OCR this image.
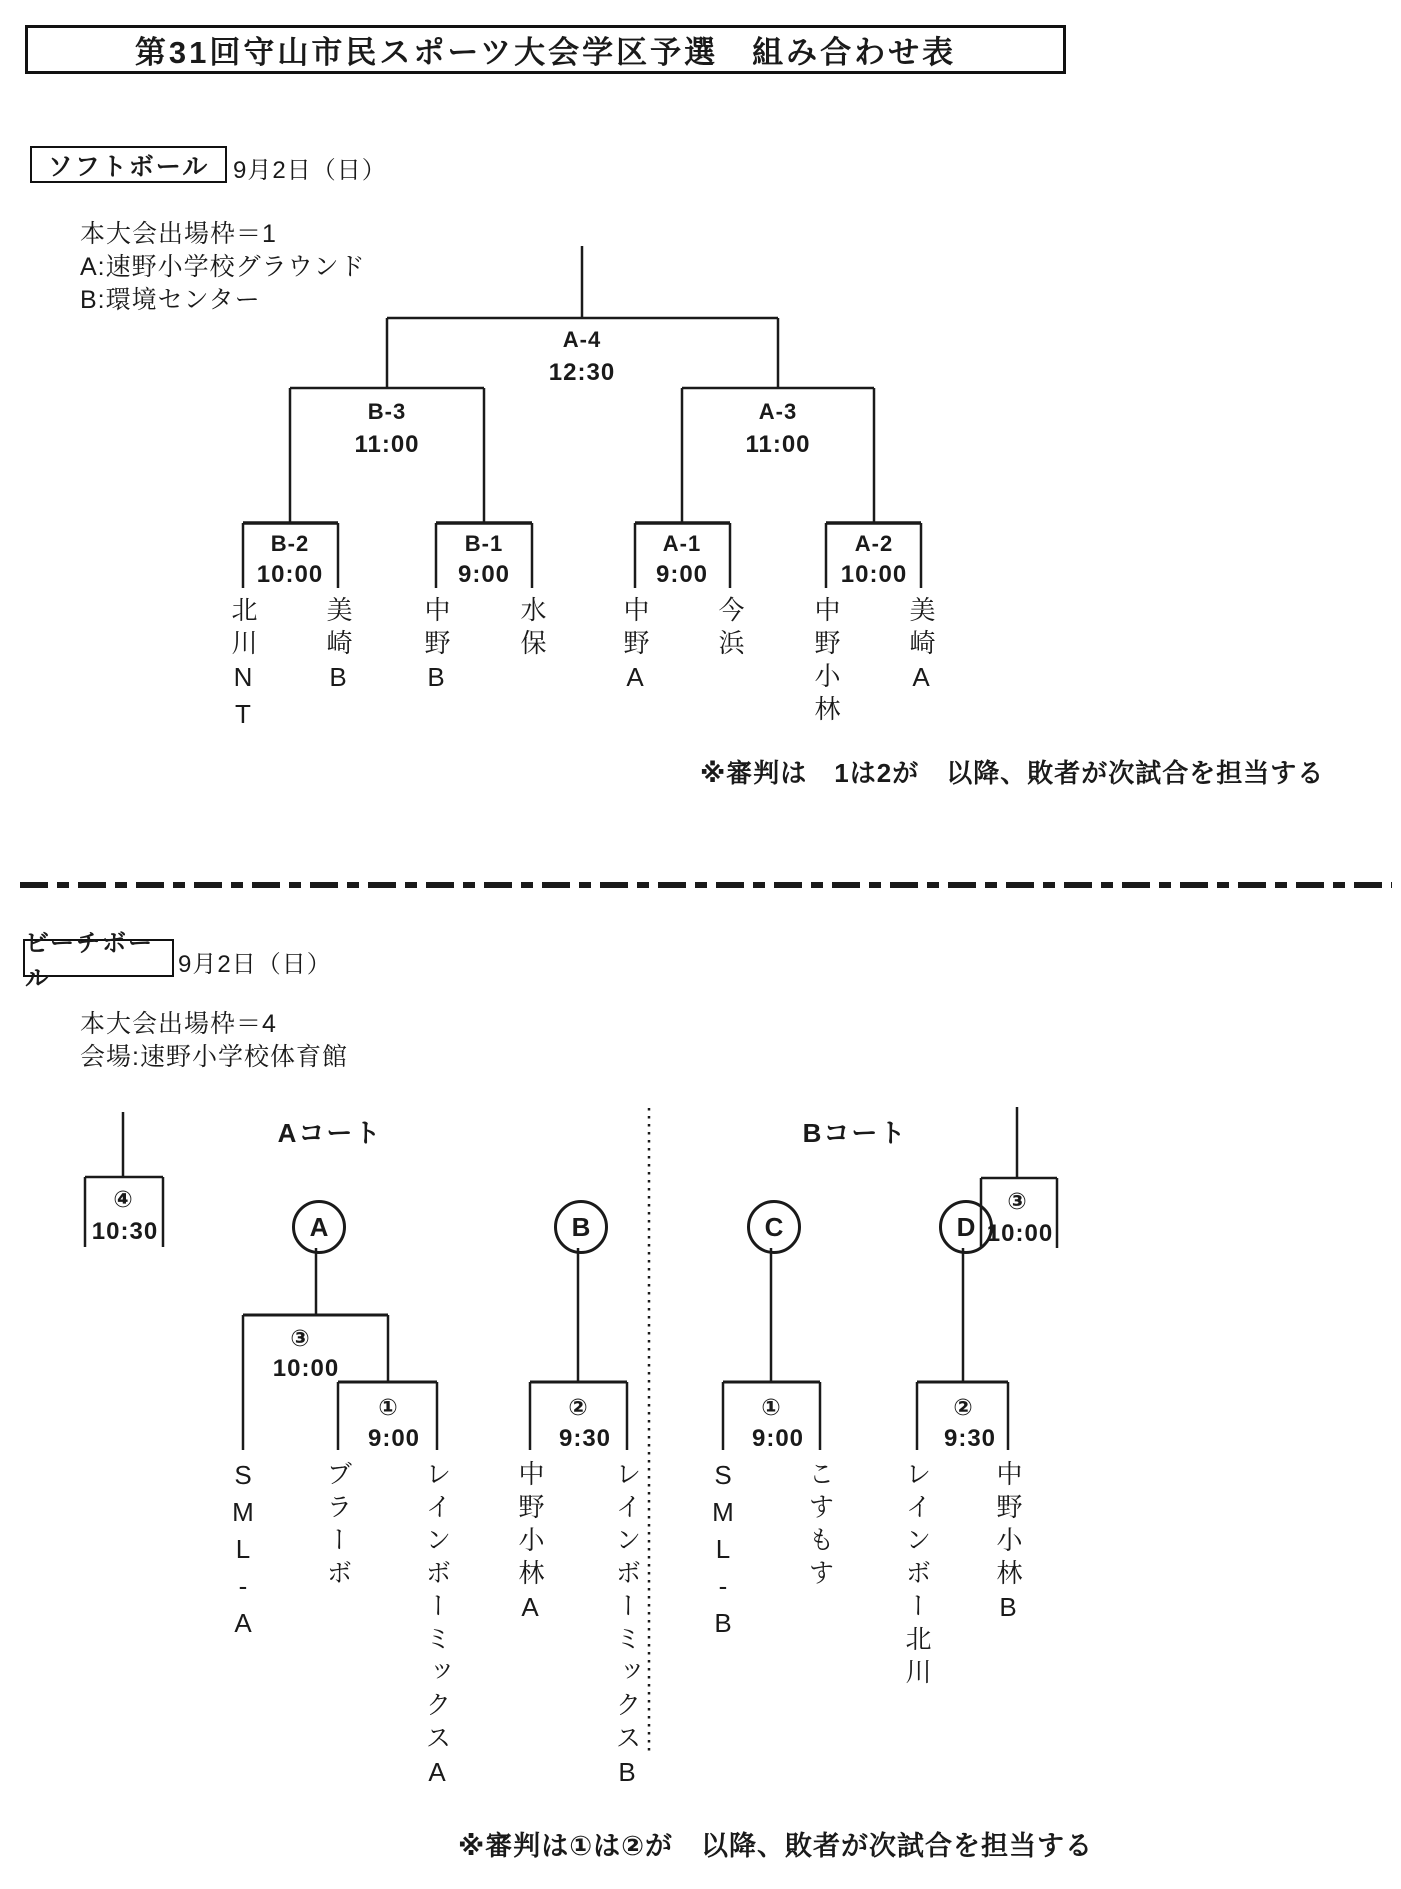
第31回守山市民スポーツ大会学区予選　組み合わせ表
ソフトボール 9月2日（日）
本大会出場枠＝1
A:速野小学校グラウンド
B:環境センター
A-4
12:30
B-3
11:00
A-3
11:00
B-2
10:00
B-1
9:00
A-1
9:00
A-2
10:00
北川NT	美崎B	中野B	水保	中野A	今浜	中野小林	美崎A
※審判は　1は2が　以降、敗者が次試合を担当する
ビーチボール
9月2日（日）
本大会出場枠＝4
会場:速野小学校体育館
Aコート	Bコート
④
10:30
③
10:00
A	B	C	D
③
10:00
①
9:00
②
9:30
①
9:00
②
9:30
SML-A	ブラーボ	レインボーミックスA 中野小林A	レインボーミックスB	SML-B	こすもす	レインボー北川 中野小林B
※審判は①は②が　以降、敗者が次試合を担当する
